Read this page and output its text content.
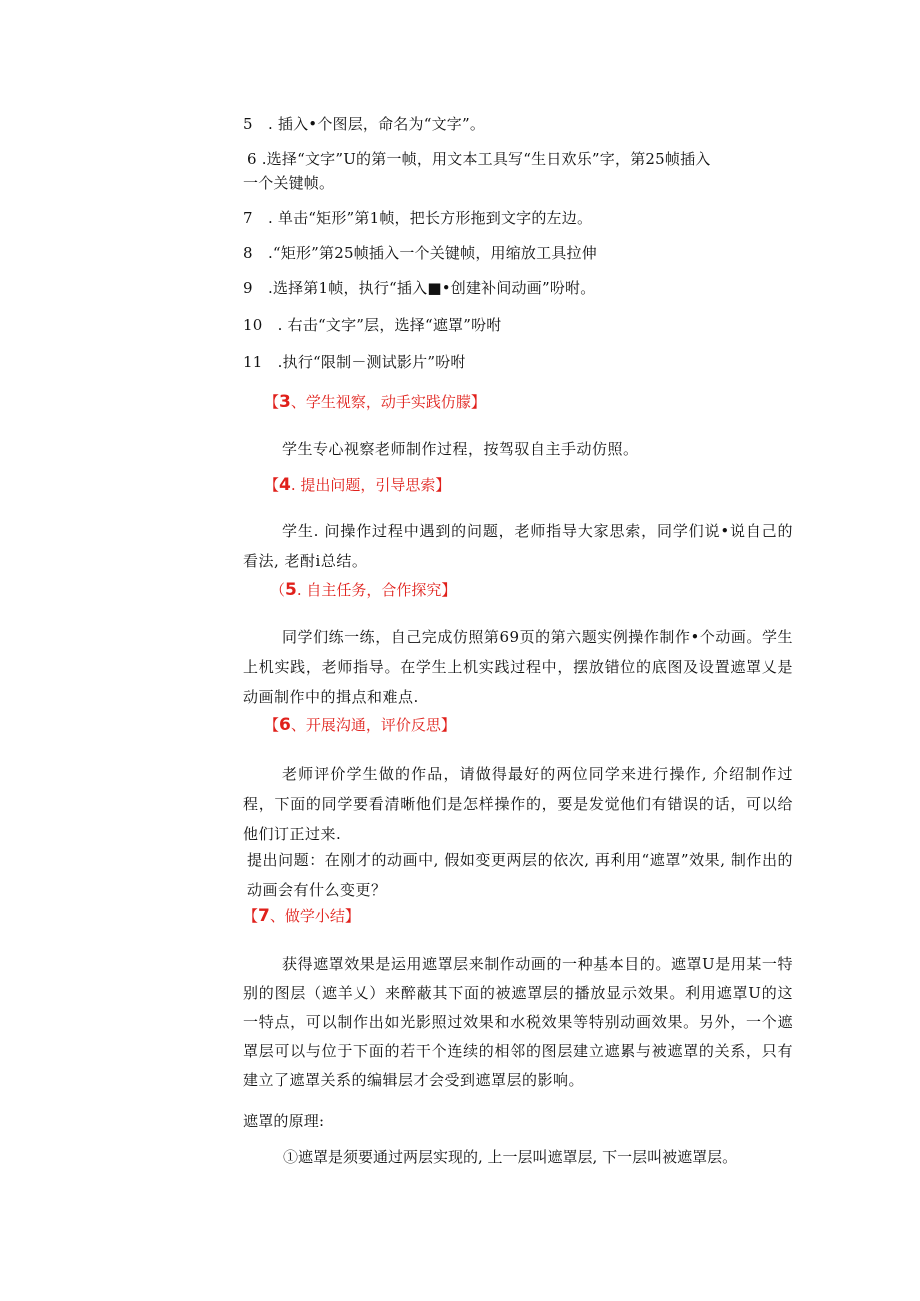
5　. 插入•个图层，命名为“文字”。
6 .选择“文字”U的第一帧，用文本工具写“生日欢乐”字，第25帧插入
一个关键帧。
7　. 单击“矩形”第1帧，把长方形拖到文字的左边。
8　.“矩形”第25帧插入一个关键帧，用缩放工具拉伸
9　.选择第1帧，执行“插入■•创建补间动画”吩咐。
10　. 右击“文字”层，选择“遮罩”吩咐
11　.执行“限制－测试影片”吩咐
【3、学生视察，动手实践仿朦】
学生专心视察老师制作过程，按驾驭自主手动仿照。
【4. 提出问题，引导思索】
学生. 问操作过程中遇到的问题，老师指导大家思索，同学们说•说自己的看法, 老酎i总结。
（5. 自主任务，合作探究】
同学们练一练，自己完成仿照第69页的第六题实例操作制作•个动画。学生上机实践，老师指导。在学生上机实践过程中，摆放错位的底图及设置遮罩乂是动画制作中的揖点和难点.
【6、开展沟通，评价反思】
老师评价学生做的作品，请做得最好的两位同学来进行操作, 介绍制作过程，下面的同学要看清晰他们是怎样操作的，要是发觉他们有错误的话，可以给他们订正过来.
提出问题：在刚才的动画中, 假如变更两层的依次, 再利用“遮罩”效果, 制作出的动画会有什么变更？
【7、做学小结】
获得遮罩效果是运用遮罩层来制作动画的一种基本目的。遮罩U是用某一特别的图层（遮羊乂）来醉蔽其下面的被遮罩层的播放显示效果。利用遮罩U的这一特点，可以制作出如光影照过效果和水税效果等特别动画效果。另外，一个遮罩层可以与位于下面的若干个连续的相邻的图层建立遮累与被遮罩的关系，只有建立了遮罩关系的编辑层才会受到遮罩层的影响。
遮罩的原理:
①遮罩是须要通过两层实现的, 上一层叫遮罩层, 下一层叫被遮罩层。
